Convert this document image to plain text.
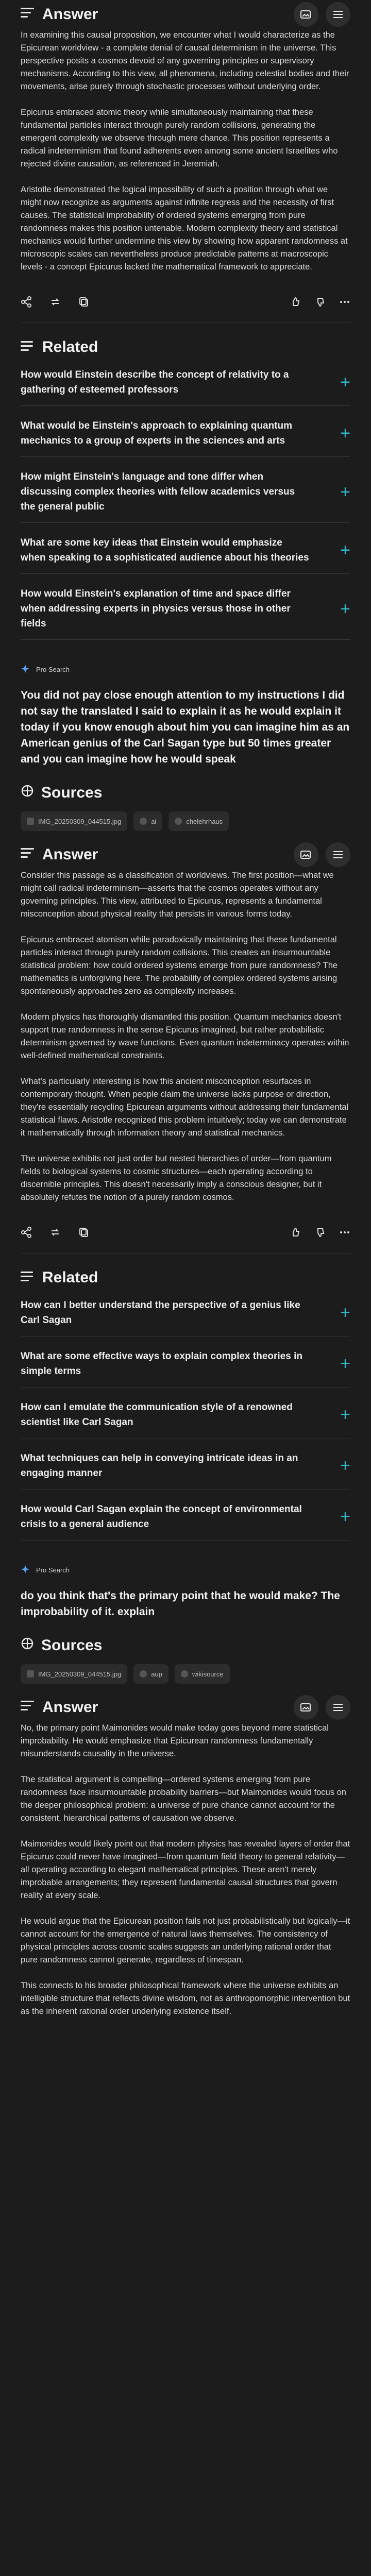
Answer

In examining this causal proposition, we encounter what I would characterize as the Epicurean worldview - a complete denial of causal determinism in the universe. This perspective posits a cosmos devoid of any governing principles or supervisory mechanisms. According to this view, all phenomena, including celestial bodies and their movements, arise purely through stochastic processes without underlying order.

Epicurus embraced atomic theory while simultaneously maintaining that these fundamental particles interact through purely random collisions, generating the emergent complexity we observe through mere chance. This position represents a radical indeterminism that found adherents even among some ancient Israelites who rejected divine causation, as referenced in Jeremiah.

Aristotle demonstrated the logical impossibility of such a position through what we might now recognize as arguments against infinite regress and the necessity of first causes. The statistical improbability of ordered systems emerging from pure randomness makes this position untenable. Modern complexity theory and statistical mechanics would further undermine this view by showing how apparent randomness at microscopic scales can nevertheless produce predictable patterns at macroscopic levels - a concept Epicurus lacked the mathematical framework to appreciate.

Related
How would Einstein describe the concept of relativity to a gathering of esteemed professors	+
What would be Einstein's approach to explaining quantum mechanics to a group of experts in the sciences and arts	+
How might Einstein's language and tone differ when discussing complex theories with fellow academics versus the general public
+
What are some key ideas that Einstein would emphasize when speaking to a sophisticated audience about his theories +
How would Einstein's explanation of time and space differ when addressing experts in physics versus those in other fields
+
Pro Search
You did not pay close enough attention to my instructions I did not say the translated I said to explain it as he would explain it today if you know enough about him you can imagine him as an American genius of the Carl Sagan type but 50 times greater and you can imagine how he would speak
Sources
IMG_20250309_044515.jpg	ai	chelehrhaus
Answer

Consider this passage as a classification of worldviews. The first position—what we might call radical indeterminism—asserts that the cosmos operates without any governing principles. This view, attributed to Epicurus, represents a fundamental misconception about physical reality that persists in various forms today.

Epicurus embraced atomism while paradoxically maintaining that these fundamental particles interact through purely random collisions. This creates an insurmountable statistical problem: how could ordered systems emerge from pure randomness? The mathematics is unforgiving here. The probability of complex ordered systems arising spontaneously approaches zero as complexity increases.

Modern physics has thoroughly dismantled this position. Quantum mechanics doesn't support true randomness in the sense Epicurus imagined, but rather probabilistic determinism governed by wave functions. Even quantum indeterminacy operates within well-defined mathematical constraints.

What's particularly interesting is how this ancient misconception resurfaces in contemporary thought. When people claim the universe lacks purpose or direction, they're essentially recycling Epicurean arguments without addressing their fundamental statistical flaws. Aristotle recognized this problem intuitively; today we can demonstrate it mathematically through information theory and statistical mechanics.

The universe exhibits not just order but nested hierarchies of order—from quantum fields to biological systems to cosmic structures—each operating according to discernible principles. This doesn't necessarily imply a conscious designer, but it absolutely refutes the notion of a purely random cosmos.

Related
How can I better understand the perspective of a genius like Carl Sagan	+
What are some effective ways to explain complex theories in simple terms	+
How can I emulate the communication style of a renowned scientist like Carl Sagan	+
What techniques can help in conveying intricate ideas in an engaging manner	+
How would Carl Sagan explain the concept of environmental crisis to a general audience	+
Pro Search
do you think that's the primary point that he would make? The improbability of it. explain
Sources
IMG_20250309_044515.jpg	aup	wikisource
Answer

No, the primary point Maimonides would make today goes beyond mere statistical improbability. He would emphasize that Epicurean randomness fundamentally misunderstands causality in the universe.

The statistical argument is compelling—ordered systems emerging from pure randomness face insurmountable probability barriers—but Maimonides would focus on the deeper philosophical problem: a universe of pure chance cannot account for the consistent, hierarchical patterns of causation we observe.

Maimonides would likely point out that modern physics has revealed layers of order that Epicurus could never have imagined—from quantum field theory to general relativity—all operating according to elegant mathematical principles. These aren't merely improbable arrangements; they represent fundamental causal structures that govern reality at every scale.

He would argue that the Epicurean position fails not just probabilistically but logically—it cannot account for the emergence of natural laws themselves. The consistency of physical principles across cosmic scales suggests an underlying rational order that pure randomness cannot generate, regardless of timespan.

This connects to his broader philosophical framework where the universe exhibits an intelligible structure that reflects divine wisdom, not as anthropomorphic intervention but as the inherent rational order underlying existence itself.
